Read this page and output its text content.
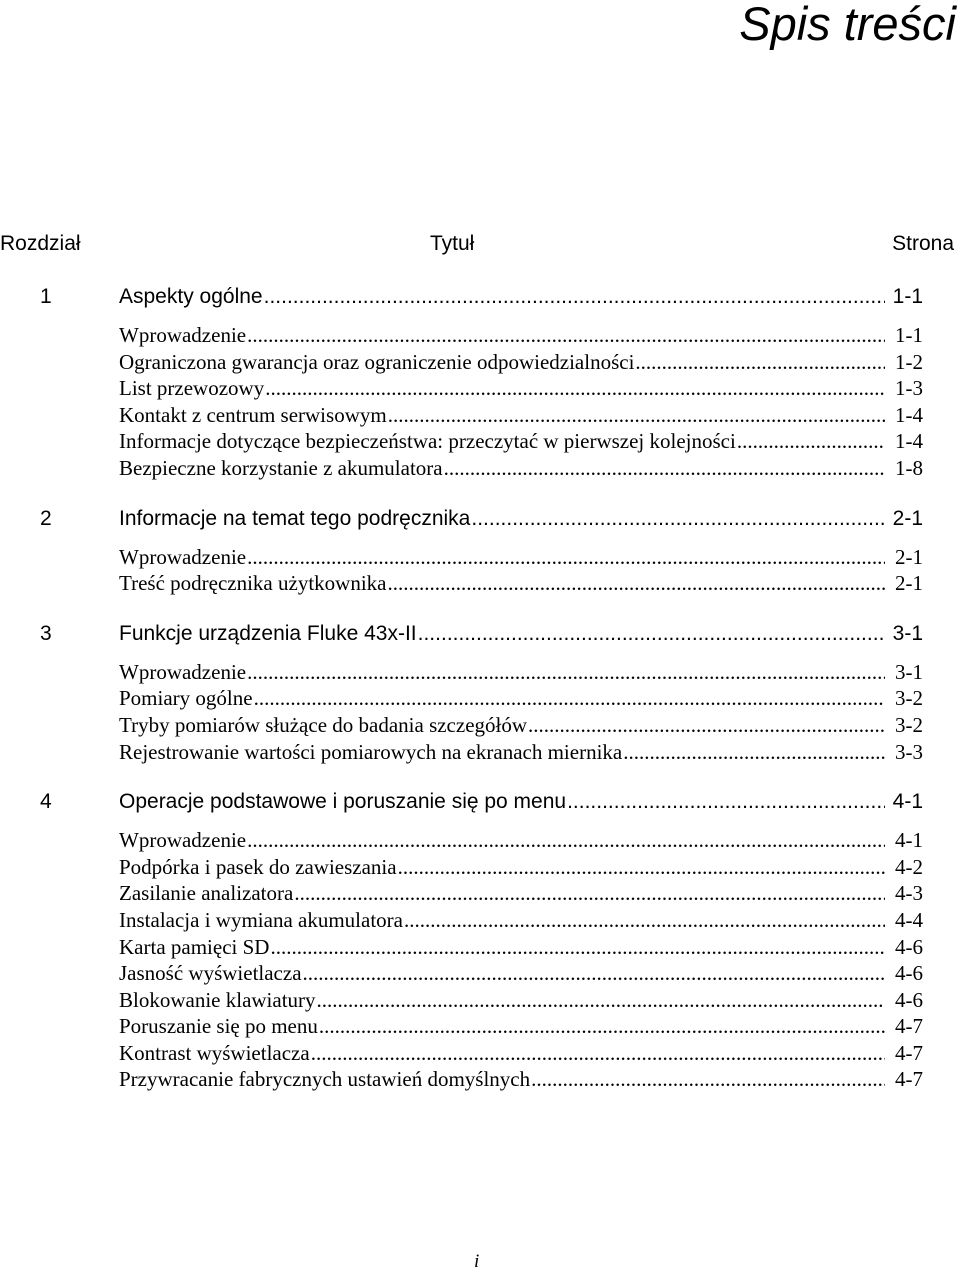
Spis treści
Rozdział	Tytuł	Strona
1	Aspekty ogólne .....	1-1
Wprowadzenie .....	1-1
Ograniczona gwarancja oraz ograniczenie odpowiedzialności .....	1-2
List przewozowy .....	1-3
Kontakt z centrum serwisowym .....	1-4
Informacje dotyczące bezpieczeństwa: przeczytać w pierwszej kolejności .....	1-4
Bezpieczne korzystanie z akumulatora .....	1-8
2	Informacje na temat tego podręcznika .....	2-1
Wprowadzenie .....	2-1
Treść podręcznika użytkownika .....	2-1
3	Funkcje urządzenia Fluke 43x-II .....	3-1
Wprowadzenie .....	3-1
Pomiary ogólne .....	3-2
Tryby pomiarów służące do badania szczegółów .....	3-2
Rejestrowanie wartości pomiarowych na ekranach miernika .....	3-3
4	Operacje podstawowe i poruszanie się po menu .....	4-1
Wprowadzenie .....	4-1
Podpórka i pasek do zawieszania .....	4-2
Zasilanie analizatora .....	4-3
Instalacja i wymiana akumulatora .....	4-4
Karta pamięci SD .....	4-6
Jasność wyświetlacza .....	4-6
Blokowanie klawiatury .....	4-6
Poruszanie się po menu .....	4-7
Kontrast wyświetlacza .....	4-7
Przywracanie fabrycznych ustawień domyślnych .....	4-7
i
